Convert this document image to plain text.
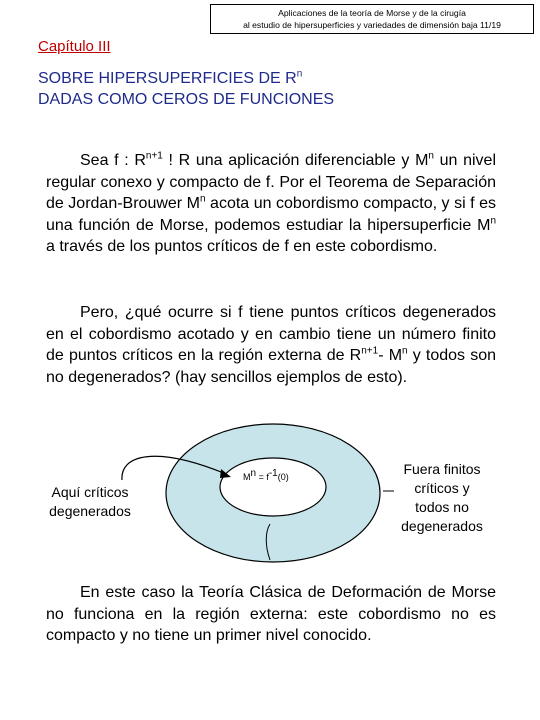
Aplicaciones de la teoría de Morse y de la cirugía
al estudio de hipersuperficies y variedades de dimensión baja 11/19
Capítulo III
SOBRE HIPERSUPERFICIES DE $R^n$
DADAS COMO CEROS DE FUNCIONES
Sea f : $R^{n+1}$ ! R una aplicación diferenciable y $M^n$ un nivel regular conexo y compacto de f. Por el Teorema de Separación de Jordan-Brouwer $M^n$ acota un cobordismo compacto, y si f es una función de Morse, podemos estudiar la hipersuperficie $M^n$ a través de los puntos críticos de f en este cobordismo.
Pero, ¿qué ocurre si f tiene puntos críticos degenerados en el cobordismo acotado y en cambio tiene un número finito de puntos críticos en la región externa de $R^{n+1}-$ $M^n$ y todos son no degenerados? (hay sencillos ejemplos de esto).
$M^n = f^{-1}(0)$
Aquí críticos
degenerados
Fuera finitos
críticos y
todos no
degenerados
En este caso la Teoría Clásica de Deformación de Morse no funciona en la región externa: este cobordismo no es compacto y no tiene un primer nivel conocido.
